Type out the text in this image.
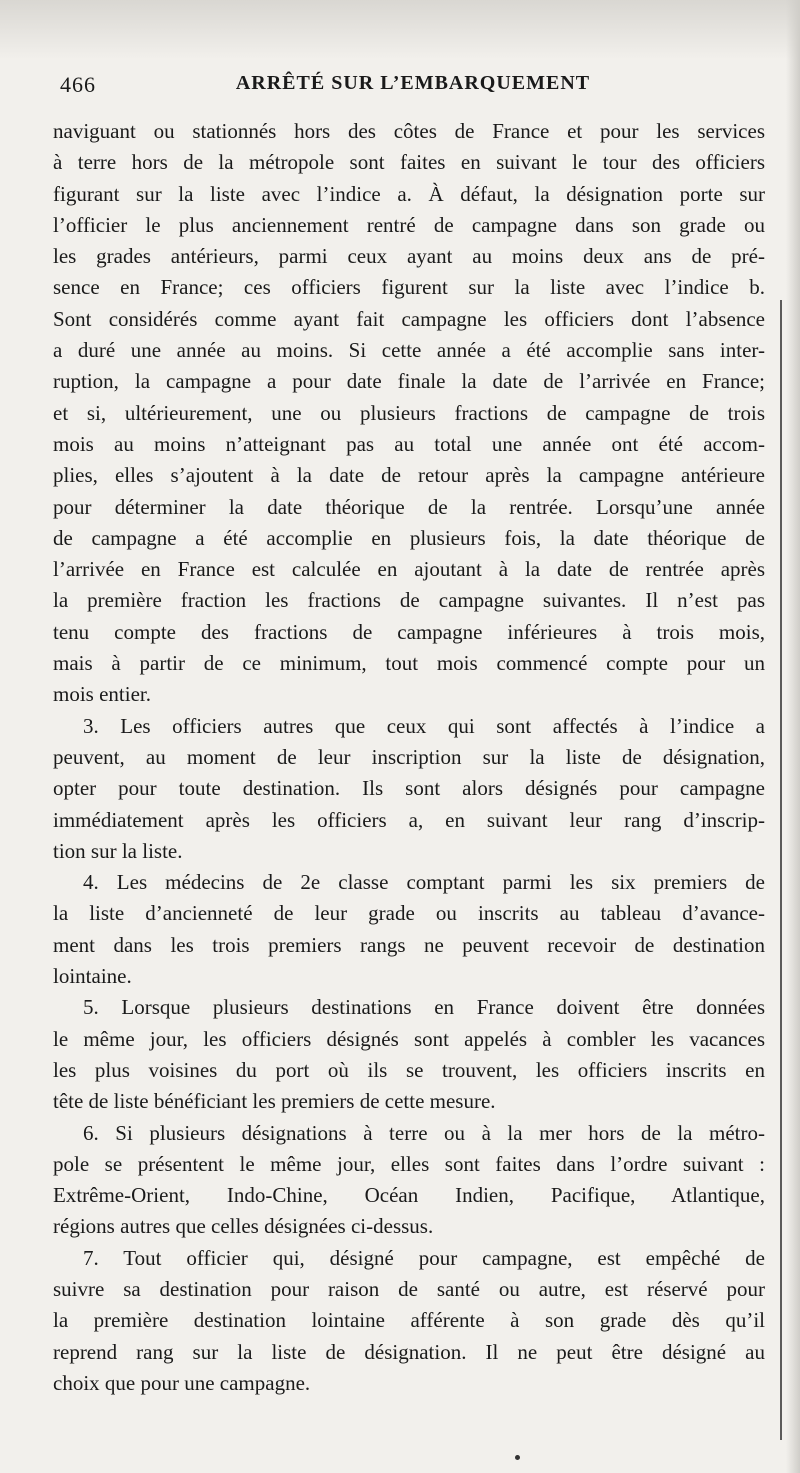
466	ARRÊTÉ SUR L’EMBARQUEMENT
naviguant ou stationnés hors des côtes de France et pour les services
à terre hors de la métropole sont faites en suivant le tour des officiers
figurant sur la liste avec l’indice a. À défaut, la désignation porte sur
l’officier le plus anciennement rentré de campagne dans son grade ou
les grades antérieurs, parmi ceux ayant au moins deux ans de pré-
sence en France; ces officiers figurent sur la liste avec l’indice b.
Sont considérés comme ayant fait campagne les officiers dont l’absence
a duré une année au moins. Si cette année a été accomplie sans inter-
ruption, la campagne a pour date finale la date de l’arrivée en France;
et si, ultérieurement, une ou plusieurs fractions de campagne de trois
mois au moins n’atteignant pas au total une année ont été accom-
plies, elles s’ajoutent à la date de retour après la campagne antérieure
pour déterminer la date théorique de la rentrée. Lorsqu’une année
de campagne a été accomplie en plusieurs fois, la date théorique de
l’arrivée en France est calculée en ajoutant à la date de rentrée après
la première fraction les fractions de campagne suivantes. Il n’est pas
tenu compte des fractions de campagne inférieures à trois mois,
mais à partir de ce minimum, tout mois commencé compte pour un
mois entier.
3. Les officiers autres que ceux qui sont affectés à l’indice a
peuvent, au moment de leur inscription sur la liste de désignation,
opter pour toute destination. Ils sont alors désignés pour campagne
immédiatement après les officiers a, en suivant leur rang d’inscrip-
tion sur la liste.
4. Les médecins de 2e classe comptant parmi les six premiers de
la liste d’ancienneté de leur grade ou inscrits au tableau d’avance-
ment dans les trois premiers rangs ne peuvent recevoir de destination
lointaine.
5. Lorsque plusieurs destinations en France doivent être données
le même jour, les officiers désignés sont appelés à combler les vacances
les plus voisines du port où ils se trouvent, les officiers inscrits en
tête de liste bénéficiant les premiers de cette mesure.
6. Si plusieurs désignations à terre ou à la mer hors de la métro-
pole se présentent le même jour, elles sont faites dans l’ordre suivant :
Extrême-Orient, Indo-Chine, Océan Indien, Pacifique, Atlantique,
régions autres que celles désignées ci-dessus.
7. Tout officier qui, désigné pour campagne, est empêché de
suivre sa destination pour raison de santé ou autre, est réservé pour
la première destination lointaine afférente à son grade dès qu’il
reprend rang sur la liste de désignation. Il ne peut être désigné au
choix que pour une campagne.
